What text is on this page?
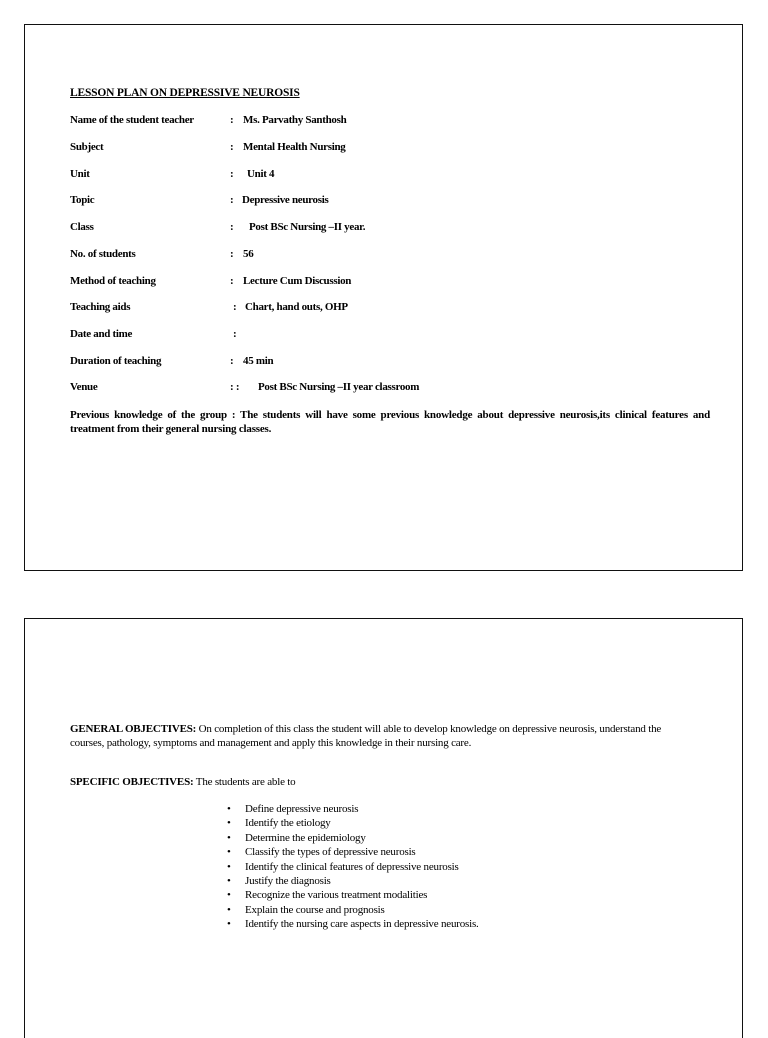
LESSON PLAN ON DEPRESSIVE NEUROSIS
Name of the student teacher	: Ms. Parvathy Santhosh
Subject	: Mental Health Nursing
Unit	: Unit 4
Topic	: Depressive neurosis
Class	: Post BSc Nursing –II year.
No. of students	: 56
Method of teaching	: Lecture Cum Discussion
Teaching aids	: Chart, hand outs, OHP
Date and time	:
Duration of teaching	: 45 min
Venue	: : Post BSc Nursing –II year classroom
Previous knowledge of the group : The students will have some previous knowledge about depressive neurosis,its clinical features and treatment from their general nursing classes.
GENERAL OBJECTIVES: On completion of this class the student will able to develop knowledge on depressive neurosis, understand the courses, pathology, symptoms and management and apply this knowledge in their nursing care.
SPECIFIC OBJECTIVES: The students are able to
• Define depressive neurosis
• Identify the etiology
• Determine the epidemiology
• Classify the types of depressive neurosis
• Identify the clinical features of depressive neurosis
• Justify the diagnosis
• Recognize the various treatment modalities
• Explain the course and prognosis
• Identify the nursing care aspects in depressive neurosis.
